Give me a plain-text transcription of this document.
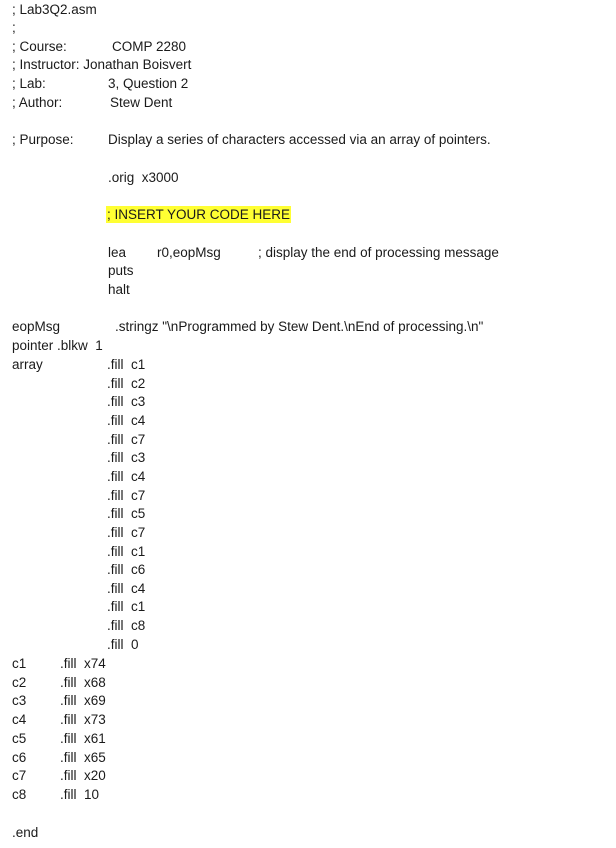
; Lab3Q2.asm
;
; Course:	COMP 2280
; Instructor: Jonathan Boisvert
; Lab:	3, Question 2
; Author:	Stew Dent
; Purpose:	Display a series of characters accessed via an array of pointers.
.orig  x3000
; INSERT YOUR CODE HERE
lea r0,eopMsg	; display the end of processing message
puts
halt
eopMsg	.stringz "\nProgrammed by Stew Dent.\nEnd of processing.\n"
pointer .blkw  1
array	.fill  c1
.fill  c2
.fill  c3
.fill  c4
.fill  c7
.fill  c3
.fill  c4
.fill  c7
.fill  c5
.fill  c7
.fill  c1
.fill  c6
.fill  c4
.fill  c1
.fill  c8
.fill  0
c1 .fill  x74
c2 .fill  x68
c3 .fill  x69
c4 .fill  x73
c5 .fill  x61
c6 .fill  x65
c7 .fill  x20
c8 .fill  10
.end
